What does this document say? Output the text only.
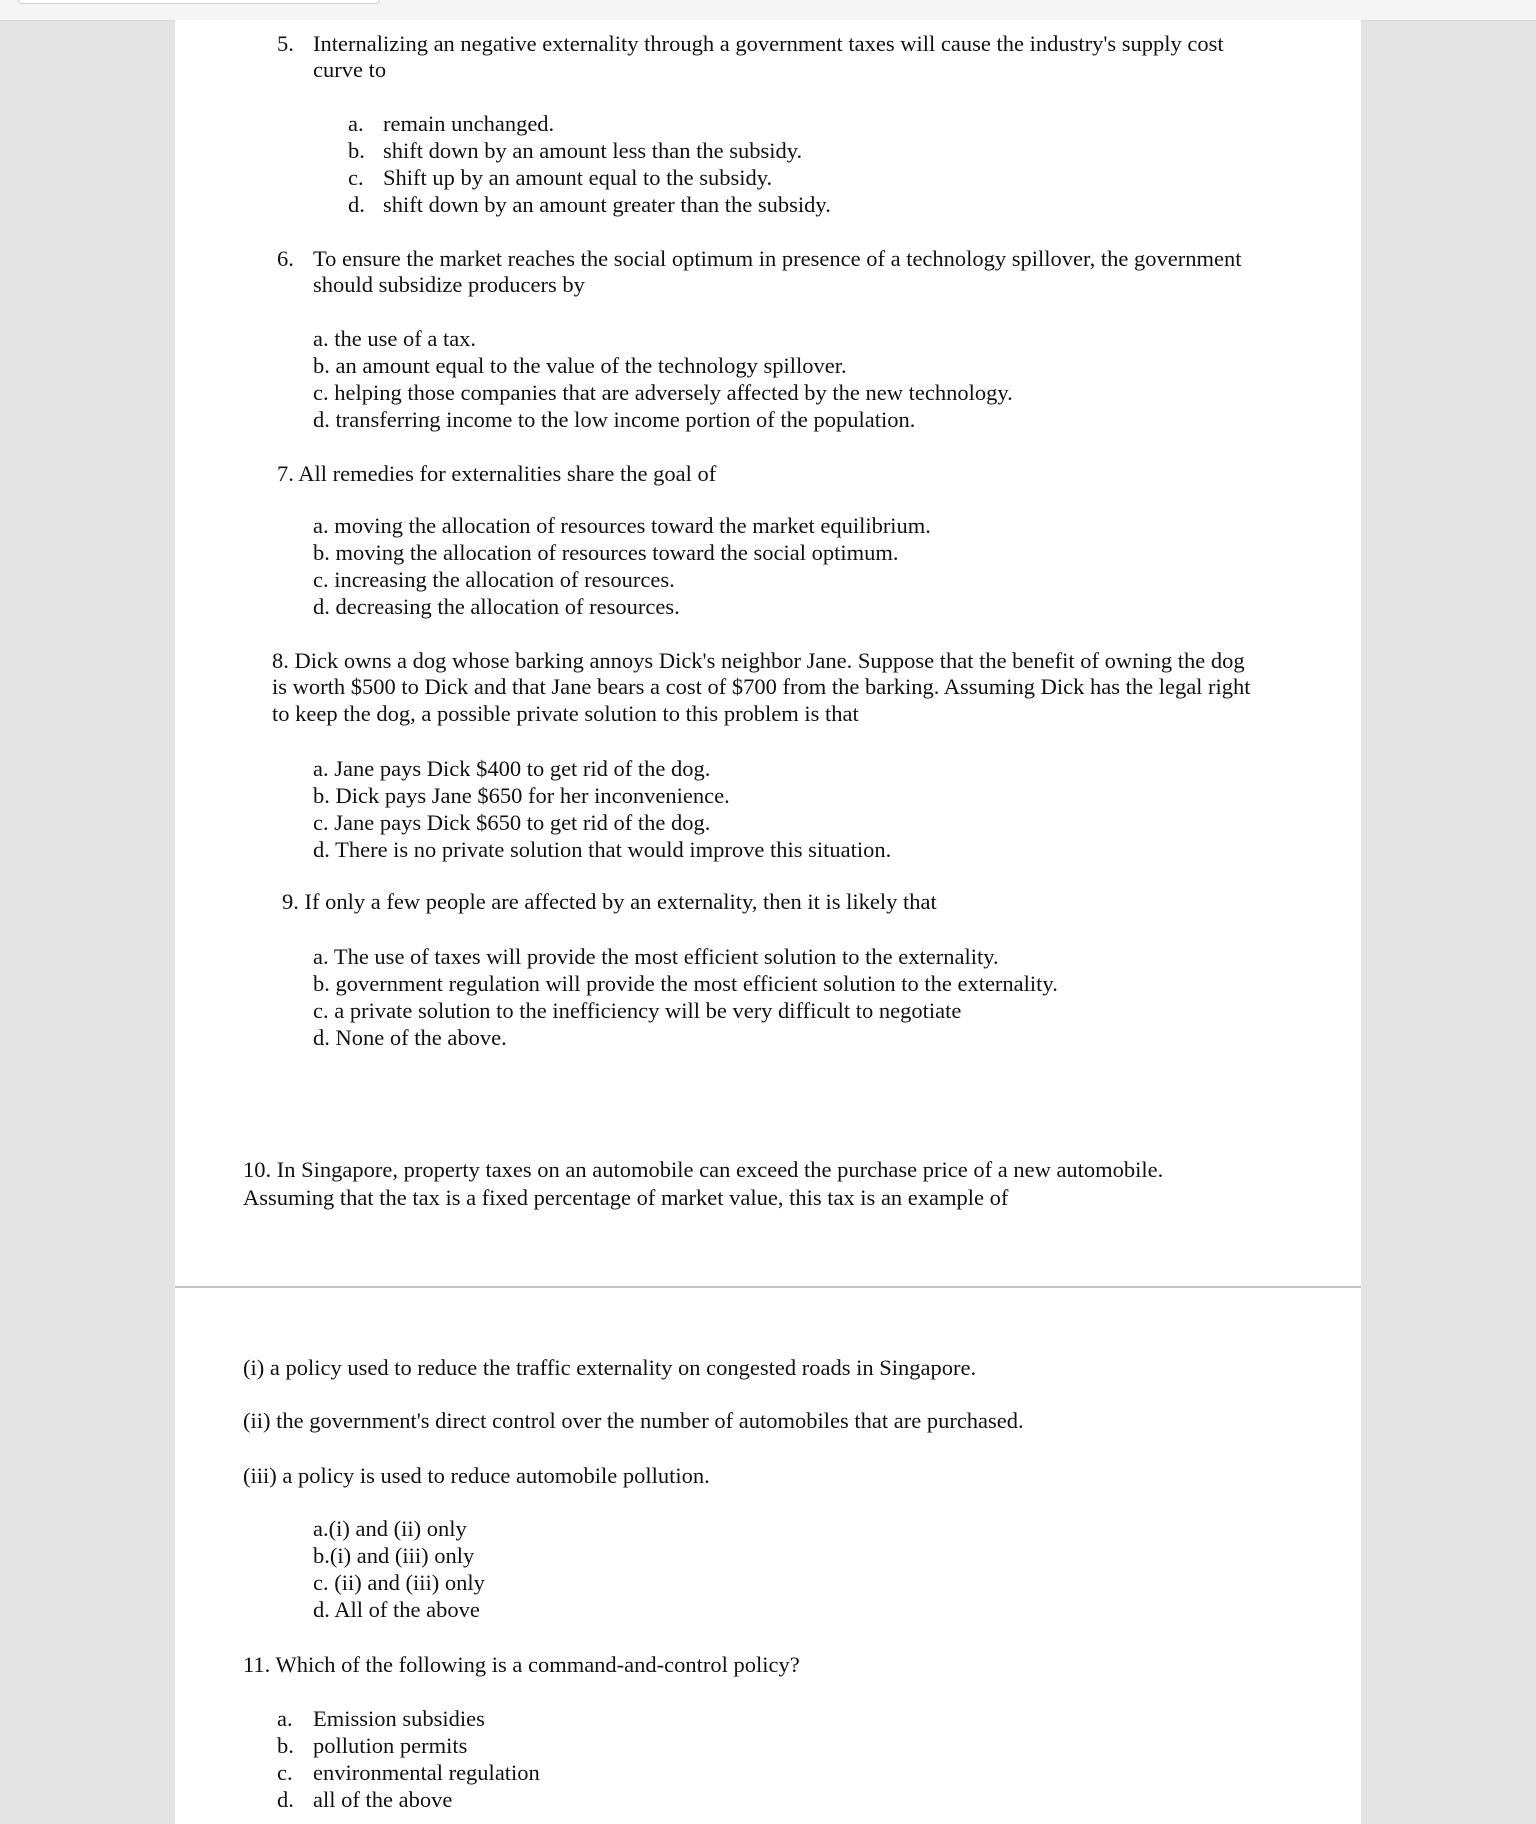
5. Internalizing an negative externality through a government taxes will cause the industry's supply cost

curve to

a. remain unchanged.

b. shift down by an amount less than the subsidy.

c. Shift up by an amount equal to the subsidy.

d. shift down by an amount greater than the subsidy.

6. To ensure the market reaches the social optimum in presence of a technology spillover, the government

should subsidize producers by

a. the use of a tax.

b. an amount equal to the value of the technology spillover.

c. helping those companies that are adversely affected by the new technology.

d. transferring income to the low income portion of the population.

7. All remedies for externalities share the goal of

a. moving the allocation of resources toward the market equilibrium.

b. moving the allocation of resources toward the social optimum.

c. increasing the allocation of resources.

d. decreasing the allocation of resources.

8. Dick owns a dog whose barking annoys Dick's neighbor Jane. Suppose that the benefit of owning the dog

is worth $500 to Dick and that Jane bears a cost of $700 from the barking. Assuming Dick has the legal right

to keep the dog, a possible private solution to this problem is that

a. Jane pays Dick $400 to get rid of the dog.

b. Dick pays Jane $650 for her inconvenience.

c. Jane pays Dick $650 to get rid of the dog.

d. There is no private solution that would improve this situation.

9. If only a few people are affected by an externality, then it is likely that

a. The use of taxes will provide the most efficient solution to the externality.

b. government regulation will provide the most efficient solution to the externality.

c. a private solution to the inefficiency will be very difficult to negotiate

d. None of the above.

10. In Singapore, property taxes on an automobile can exceed the purchase price of a new automobile.

Assuming that the tax is a fixed percentage of market value, this tax is an example of

(i) a policy used to reduce the traffic externality on congested roads in Singapore.

(ii) the government's direct control over the number of automobiles that are purchased.

(iii) a policy is used to reduce automobile pollution.

a.(i) and (ii) only

b.(i) and (iii) only

c. (ii) and (iii) only

d. All of the above

11. Which of the following is a command-and-control policy?

a. Emission subsidies

b. pollution permits

c. environmental regulation

d. all of the above
